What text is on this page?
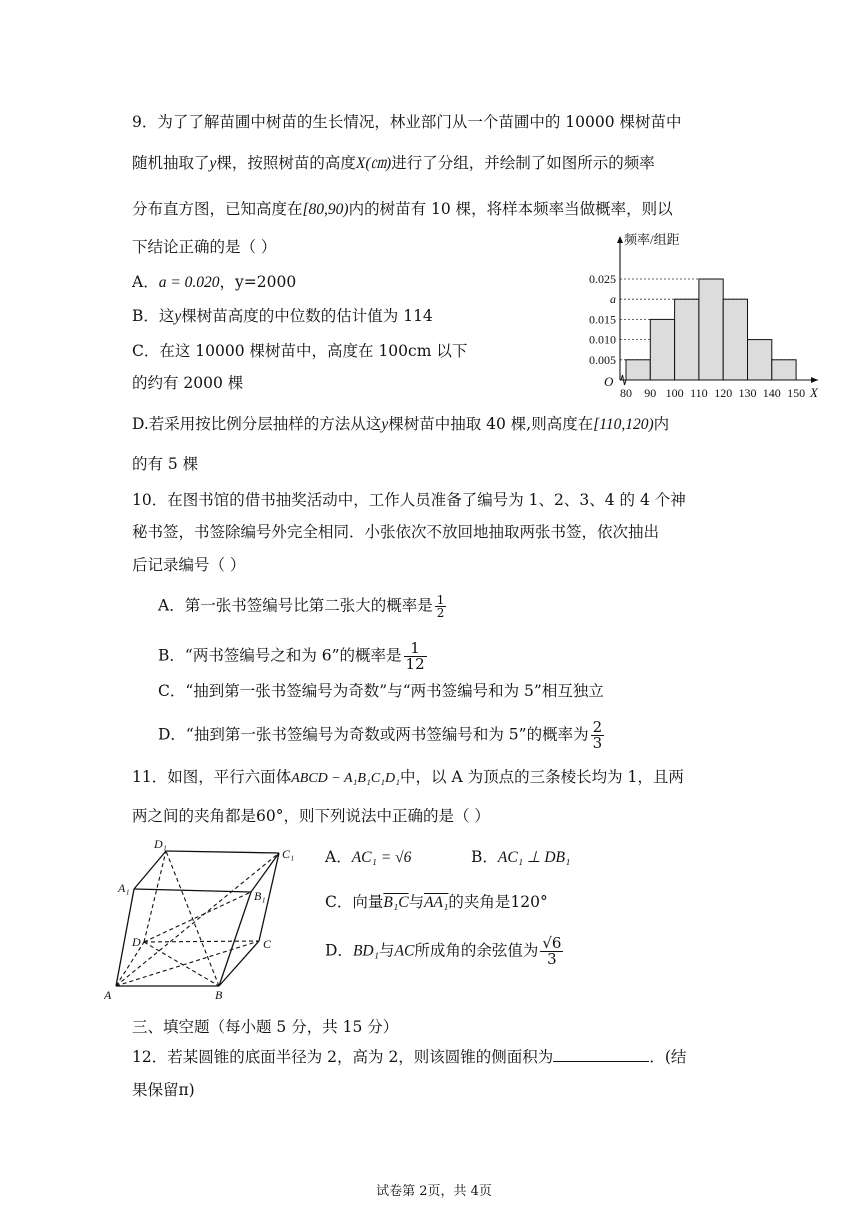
9．为了了解苗圃中树苗的生长情况，林业部门从一个苗圃中的 10000 棵树苗中
随机抽取了y棵，按照树苗的高度X(㎝)进行了分组，并绘制了如图所示的频率
分布直方图，已知高度在[80,90)内的树苗有 10 棵，将样本频率当做概率，则以
下结论正确的是（ ）
A．a = 0.020，y=2000
B．这y棵树苗高度的中位数的估计值为 114
C．在这 10000 棵树苗中，高度在 100cm 以下
的约有 2000 棵
D.若采用按比例分层抽样的方法从这y棵树苗中抽取 40 棵,则高度在[110,120)内
的有 5 棵
0.025
a
0.015
0.010
0.005
80 90 100 110 120 130 140 150
O
X
频率/组距
10．在图书馆的借书抽奖活动中，工作人员准备了编号为 1、2、3、4 的 4 个神
秘书签，书签除编号外完全相同．小张依次不放回地抽取两张书签，依次抽出
后记录编号（ ）
A．第一张书签编号比第二张大的概率是 $\frac{1}{2}$
B．“两书签编号之和为 6”的概率是 $\frac{1}{12}$
C．“抽到第一张书签编号为奇数”与“两书签编号和为 5”相互独立
D．“抽到第一张书签编号为奇数或两书签编号和为 5”的概率为 $\frac{2}{3}$
11．如图，平行六面体ABCD − A₁B₁C₁D₁中，以 A 为顶点的三条棱长均为 1，且两
两之间的夹角都是60°，则下列说法中正确的是（ ）
A．AC₁ = √6	B．AC₁ ⊥ DB₁
C．向量B₁C与AA₁的夹角是120°
D．BD₁与AC所成角的余弦值为 $\frac{√6}{3}$
A	B
C
D
A₁
B₁
C₁
D₁
三、填空题（每小题 5 分，共 15 分）
12．若某圆锥的底面半径为 2，高为 2，则该圆锥的侧面积为	．(结
果保留π)
试卷第 2页，共 4页
